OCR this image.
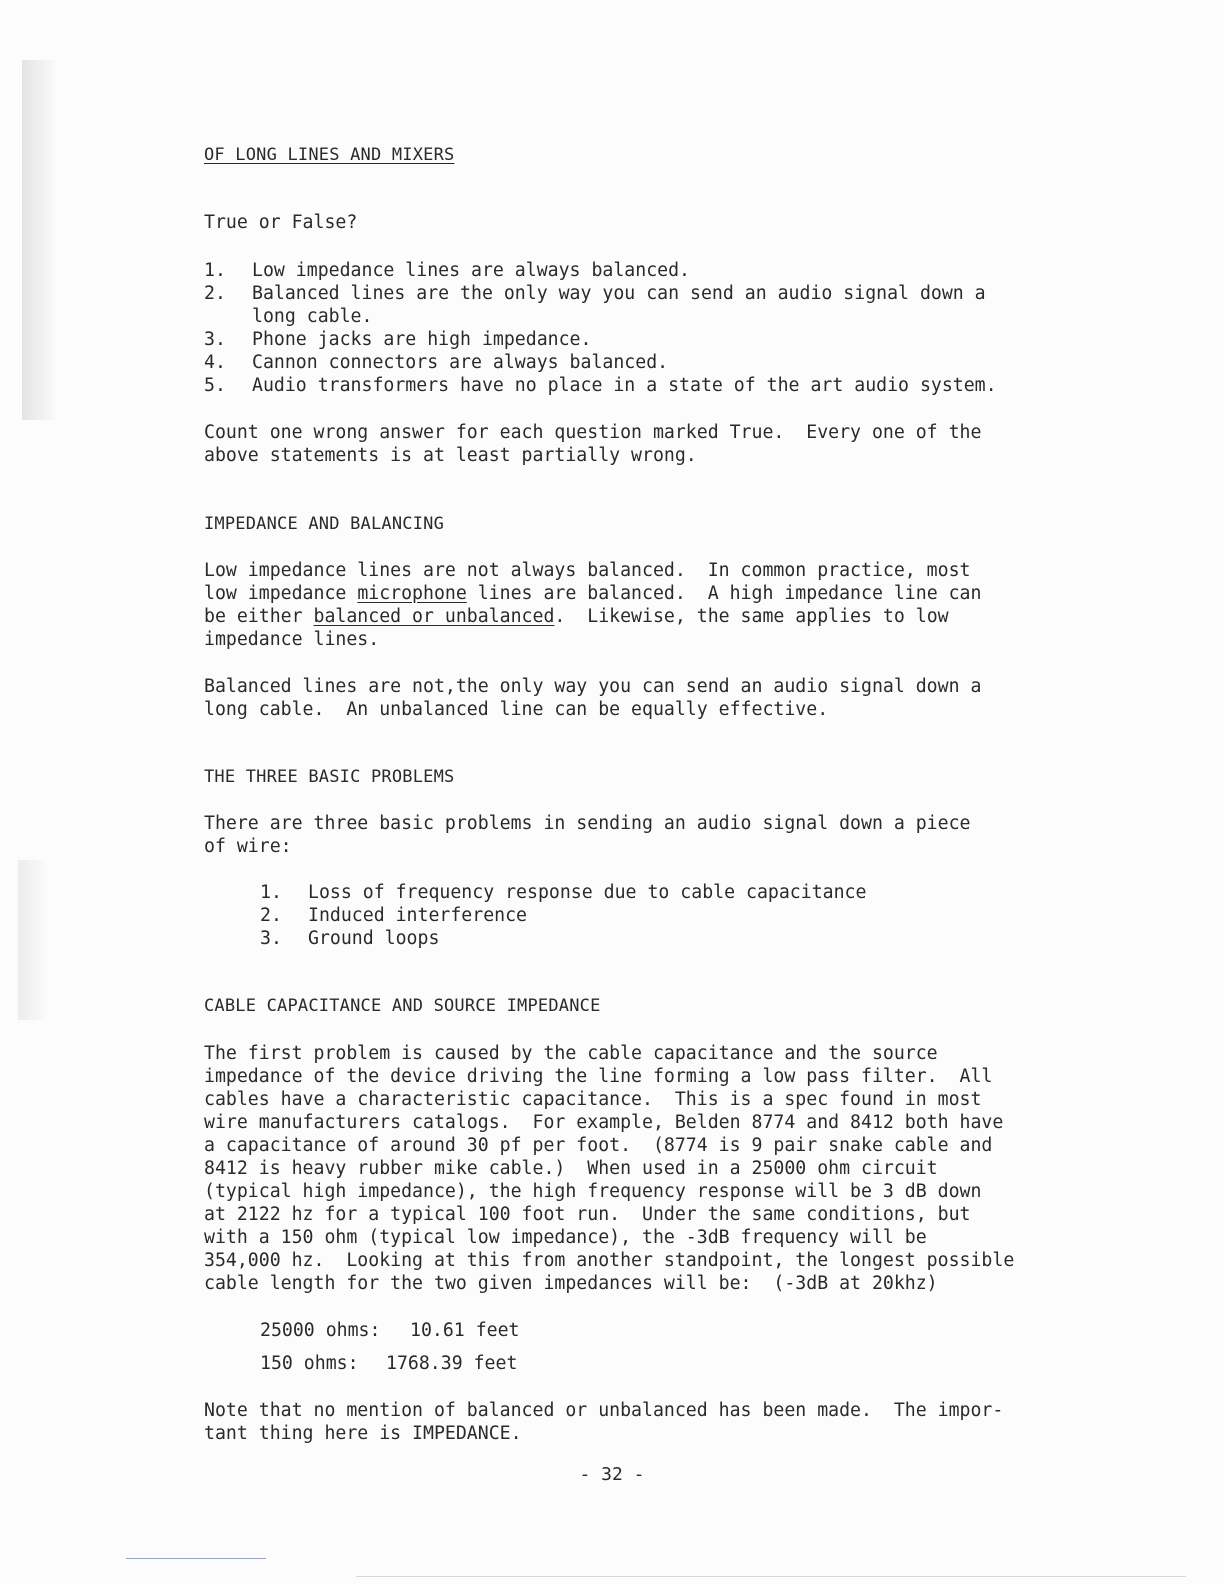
OF LONG LINES AND MIXERS
True or False?
1. Low impedance lines are always balanced.
2. Balanced lines are the only way you can send an audio signal down a
long cable.
3. Phone jacks are high impedance.
4. Cannon connectors are always balanced.
5. Audio transformers have no place in a state of the art audio system.
Count one wrong answer for each question marked True.  Every one of the
above statements is at least partially wrong.
IMPEDANCE AND BALANCING
Low impedance lines are not always balanced.  In common practice, most
low impedance microphone lines are balanced.  A high impedance line can
be either balanced or unbalanced.  Likewise, the same applies to low
impedance lines.
Balanced lines are not,the only way you can send an audio signal down a
long cable.  An unbalanced line can be equally effective.
THE THREE BASIC PROBLEMS
There are three basic problems in sending an audio signal down a piece
of wire:
1. Loss of frequency response due to cable capacitance
2. Induced interference
3. Ground loops
CABLE CAPACITANCE AND SOURCE IMPEDANCE
The first problem is caused by the cable capacitance and the source
impedance of the device driving the line forming a low pass filter.  All
cables have a characteristic capacitance.  This is a spec found in most
wire manufacturers catalogs.  For example, Belden 8774 and 8412 both have
a capacitance of around 30 pf per foot.  (8774 is 9 pair snake cable and
8412 is heavy rubber mike cable.)  When used in a 25000 ohm circuit
(typical high impedance), the high frequency response will be 3 dB down
at 2122 hz for a typical 100 foot run.  Under the same conditions, but
with a 150 ohm (typical low impedance), the -3dB frequency will be
354,000 hz.  Looking at this from another standpoint, the longest possible
cable length for the two given impedances will be:  (-3dB at 20khz)
25000 ohms: 10.61 feet
150 ohms: 1768.39 feet
Note that no mention of balanced or unbalanced has been made.  The impor-
tant thing here is IMPEDANCE.
- 32 -
